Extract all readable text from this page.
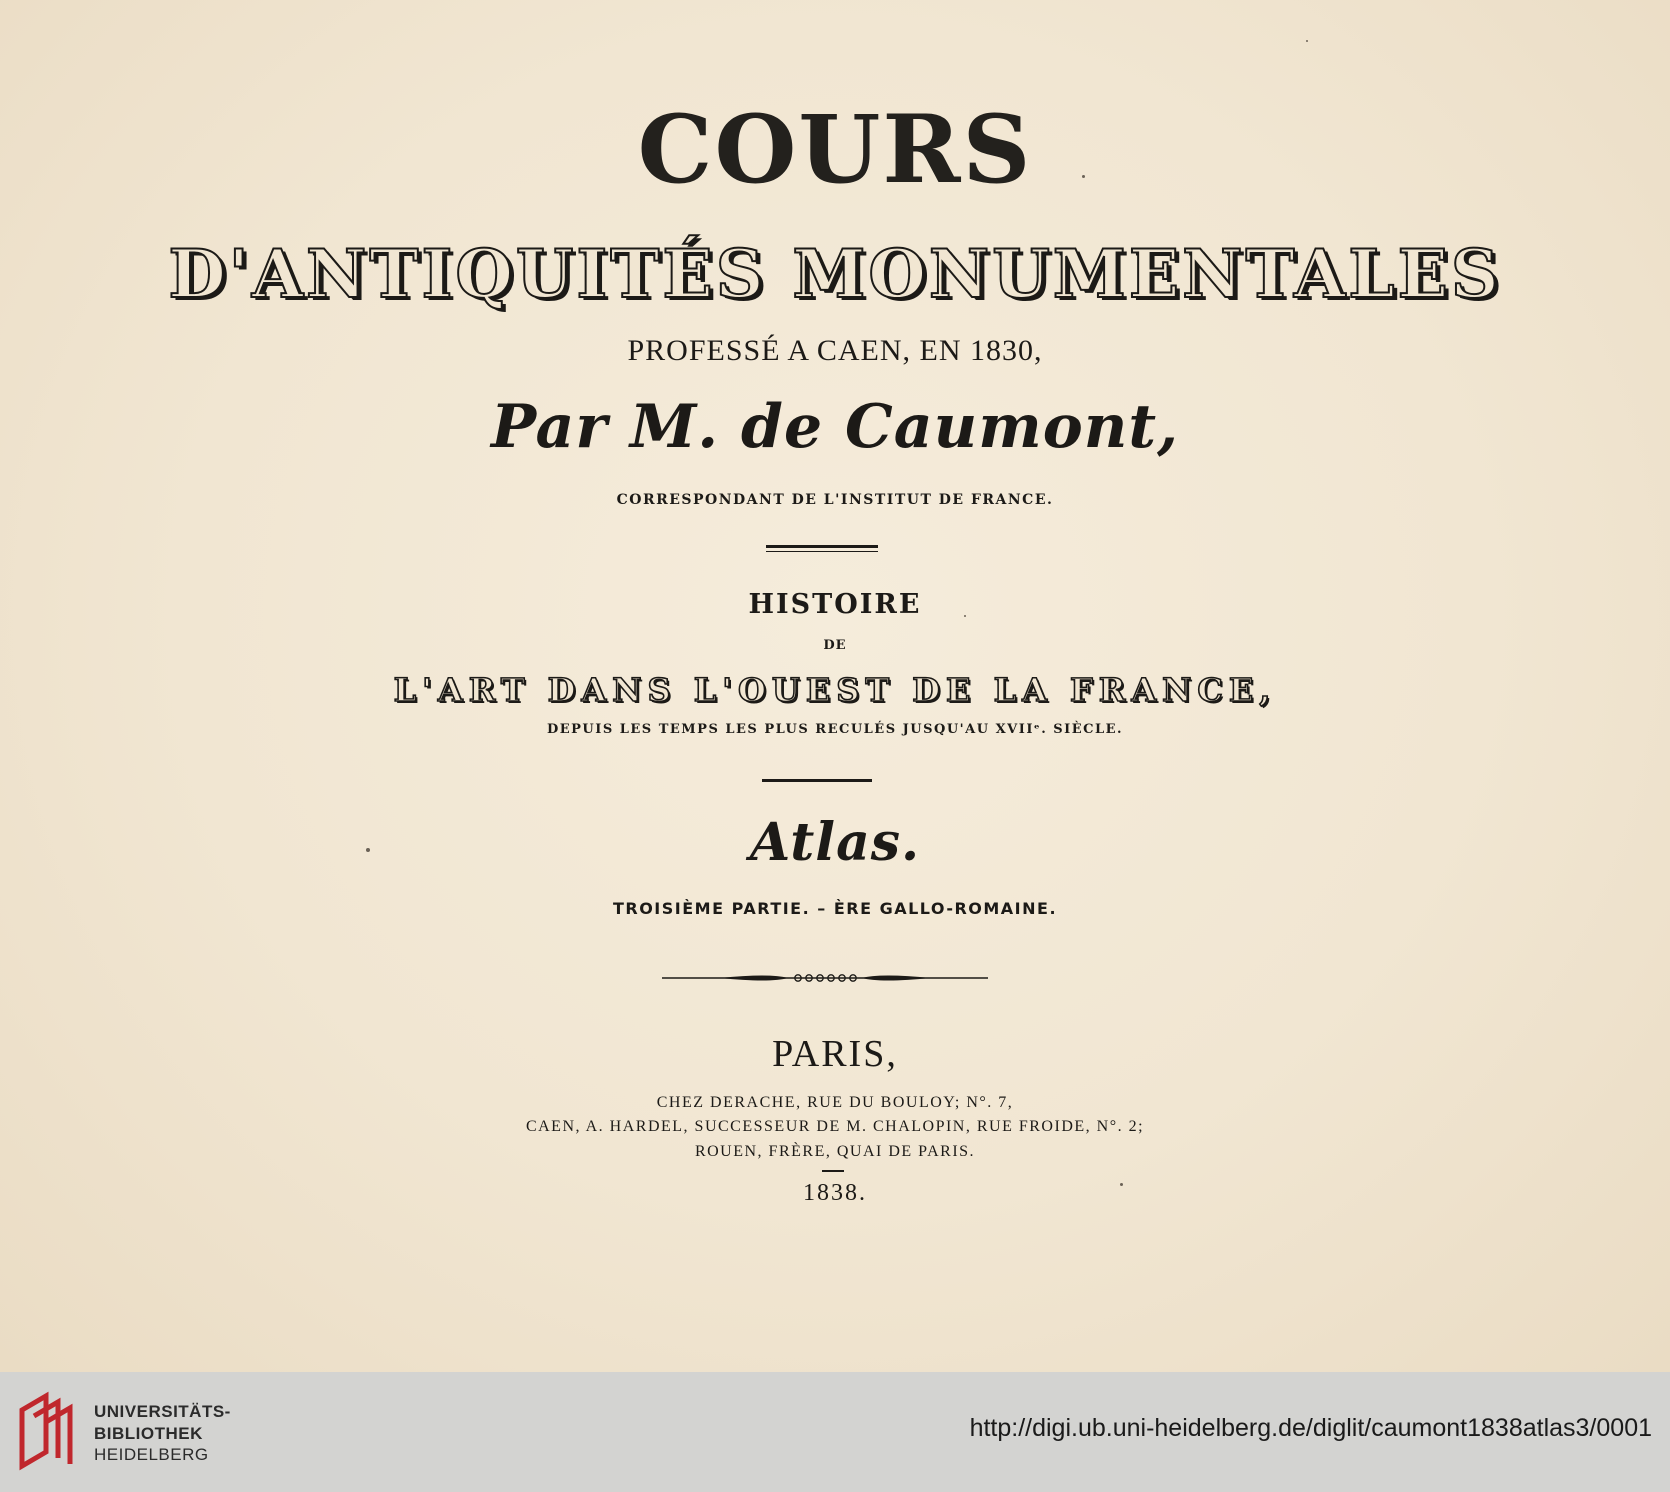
COURS
D'ANTIQUITÉS MONUMENTALES
PROFESSÉ A CAEN, EN 1830,
Par M. de Caumont,
CORRESPONDANT DE L'INSTITUT DE FRANCE.
HISTOIRE
DE
L'ART DANS L'OUEST DE LA FRANCE,
DEPUIS LES TEMPS LES PLUS RECULÉS JUSQU'AU XVIIᵉ. SIÈCLE.
Atlas.
TROISIÈME PARTIE. – ÈRE GALLO-ROMAINE.
PARIS,
CHEZ DERACHE, RUE DU BOULOY; N°. 7,
CAEN, A. HARDEL, SUCCESSEUR DE M. CHALOPIN, RUE FROIDE, N°. 2;
ROUEN, FRÈRE, QUAI DE PARIS.
1838.
UNIVERSITÄTS-
BIBLIOTHEK
HEIDELBERG
http://digi.ub.uni-heidelberg.de/diglit/caumont1838atlas3/0001
